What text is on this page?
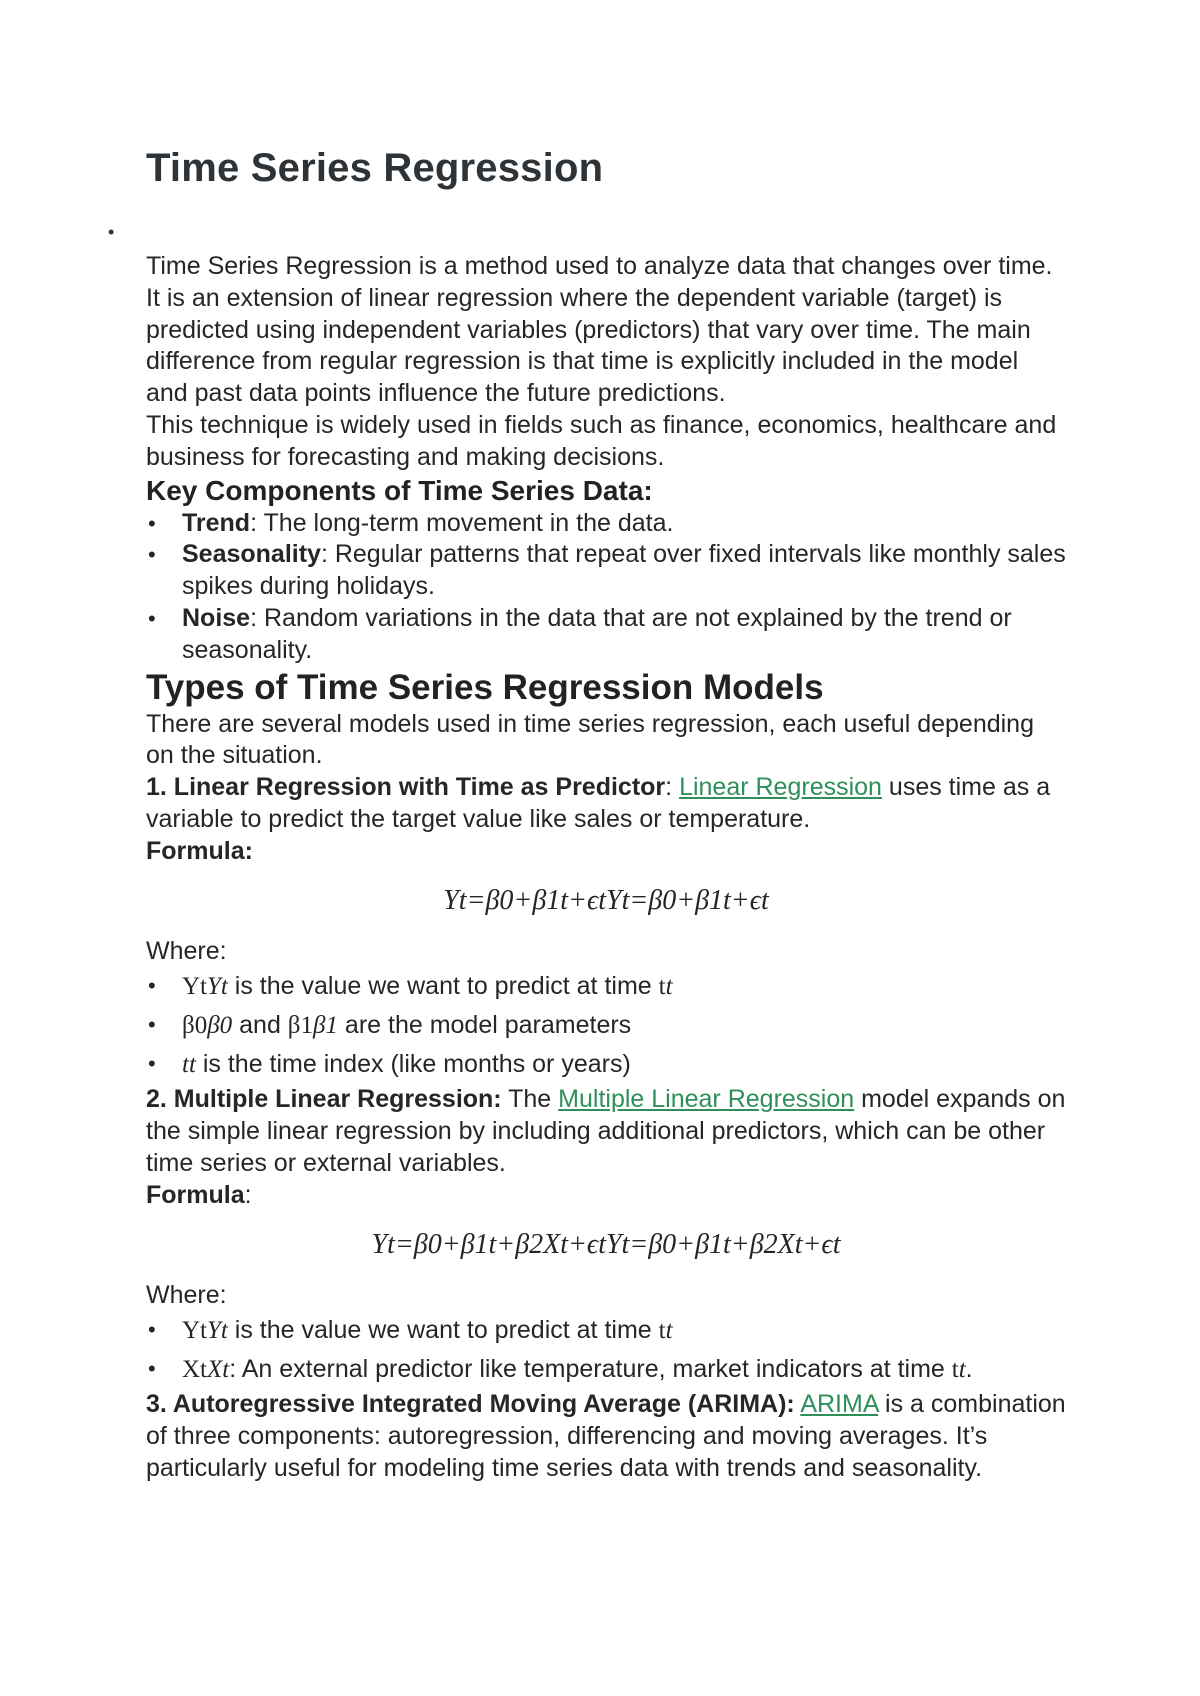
Time Series Regression
•

Time Series Regression is a method used to analyze data that changes over time. It is an extension of linear regression where the dependent variable (target) is predicted using independent variables (predictors) that vary over time. The main difference from regular regression is that time is explicitly included in the model and past data points influence the future predictions.

This technique is widely used in fields such as finance, economics, healthcare and business for forecasting and making decisions.

Key Components of Time Series Data:
• Trend: The long-term movement in the data.
• Seasonality: Regular patterns that repeat over fixed intervals like monthly sales spikes during holidays.
• Noise: Random variations in the data that are not explained by the trend or seasonality.
Types of Time Series Regression Models

There are several models used in time series regression, each useful depending on the situation.

1. Linear Regression with Time as Predictor: Linear Regression uses time as a variable to predict the target value like sales or temperature.

Formula:

Yt=β0+β1t+ϵtYt=β0+β1t+ϵt

Where:

• YtYt is the value we want to predict at time tt
• β0β0 and β1β1 are the model parameters
• tt is the time index (like months or years)

2. Multiple Linear Regression: The Multiple Linear Regression model expands on the simple linear regression by including additional predictors, which can be other time series or external variables.

Formula:

Yt=β0+β1t+β2Xt+ϵtYt=β0+β1t+β2Xt+ϵt

Where:

• YtYt is the value we want to predict at time tt
• XtXt: An external predictor like temperature, market indicators at time tt.

3. Autoregressive Integrated Moving Average (ARIMA): ARIMA is a combination of three components: autoregression, differencing and moving averages. It’s particularly useful for modeling time series data with trends and seasonality.
